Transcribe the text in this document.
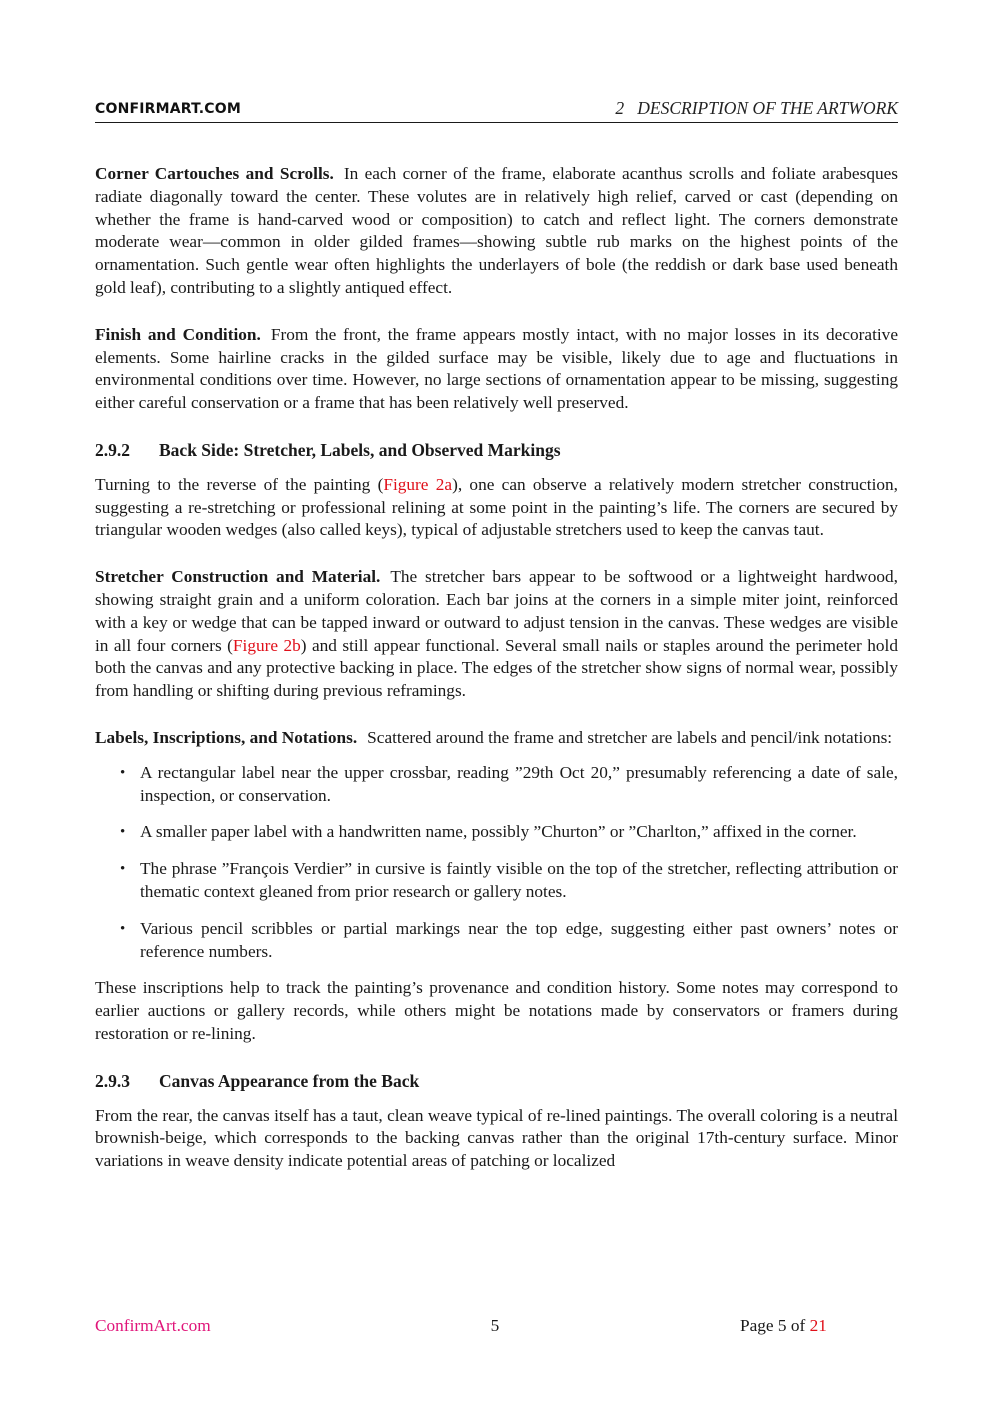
CONFIRMART.COM	2   DESCRIPTION OF THE ARTWORK

Corner Cartouches and Scrolls. In each corner of the frame, elaborate acanthus scrolls and foliate arabesques radiate diagonally toward the center. These volutes are in relatively high relief, carved or cast (depending on whether the frame is hand-carved wood or composition) to catch and reflect light. The corners demonstrate moderate wear—common in older gilded frames—showing subtle rub marks on the highest points of the ornamentation. Such gentle wear often highlights the underlayers of bole (the reddish or dark base used beneath gold leaf), contributing to a slightly antiqued effect.

Finish and Condition. From the front, the frame appears mostly intact, with no major losses in its decorative elements. Some hairline cracks in the gilded surface may be visible, likely due to age and fluctuations in environmental conditions over time. However, no large sections of ornamentation appear to be missing, suggesting either careful conservation or a frame that has been relatively well preserved.

2.9.2 Back Side: Stretcher, Labels, and Observed Markings

Turning to the reverse of the painting (Figure 2a), one can observe a relatively modern stretcher construction, suggesting a re-stretching or professional relining at some point in the painting’s life. The corners are secured by triangular wooden wedges (also called keys), typical of adjustable stretchers used to keep the canvas taut.

Stretcher Construction and Material. The stretcher bars appear to be softwood or a lightweight hardwood, showing straight grain and a uniform coloration. Each bar joins at the corners in a simple miter joint, reinforced with a key or wedge that can be tapped inward or outward to adjust tension in the canvas. These wedges are visible in all four corners (Figure 2b) and still appear functional. Several small nails or staples around the perimeter hold both the canvas and any protective backing in place. The edges of the stretcher show signs of normal wear, possibly from handling or shifting during previous reframings.

Labels, Inscriptions, and Notations. Scattered around the frame and stretcher are labels and pencil/ink notations:

• A rectangular label near the upper crossbar, reading ”29th Oct 20,” presumably referencing a date of sale, inspection, or conservation.
• A smaller paper label with a handwritten name, possibly ”Churton” or ”Charlton,” affixed in the corner.
• The phrase ”François Verdier” in cursive is faintly visible on the top of the stretcher, reflecting attribution or thematic context gleaned from prior research or gallery notes.
• Various pencil scribbles or partial markings near the top edge, suggesting either past owners’ notes or reference numbers.

These inscriptions help to track the painting’s provenance and condition history. Some notes may correspond to earlier auctions or gallery records, while others might be notations made by conservators or framers during restoration or re-lining.

2.9.3 Canvas Appearance from the Back

From the rear, the canvas itself has a taut, clean weave typical of re-lined paintings. The overall coloring is a neutral brownish-beige, which corresponds to the backing canvas rather than the original 17th-century surface. Minor variations in weave density indicate potential areas of patching or localized

ConfirmArt.com	5	Page 5 of 21
